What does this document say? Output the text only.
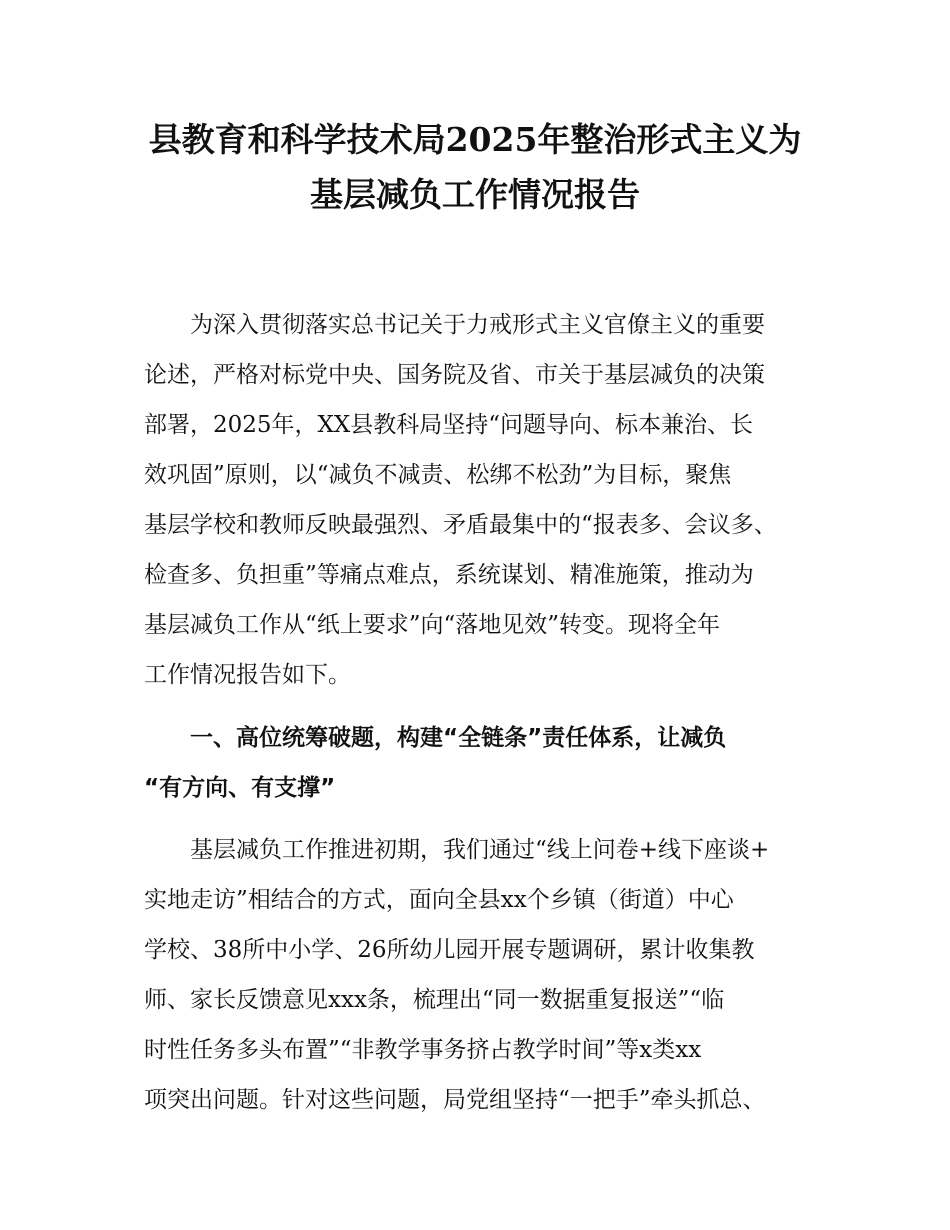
县教育和科学技术局2025年整治形式主义为
基层减负工作情况报告
为深入贯彻落实总书记关于力戒形式主义官僚主义的重要
论述，严格对标党中央、国务院及省、市关于基层减负的决策
部署，2025年，XX县教科局坚持“问题导向、标本兼治、长
效巩固”原则，以“减负不减责、松绑不松劲”为目标，聚焦
基层学校和教师反映最强烈、矛盾最集中的“报表多、会议多、
检查多、负担重”等痛点难点，系统谋划、精准施策，推动为
基层减负工作从“纸上要求”向“落地见效”转变。现将全年
工作情况报告如下。
一、高位统筹破题，构建“全链条”责任体系，让减负
“有方向、有支撑”
基层减负工作推进初期，我们通过“线上问卷+线下座谈+
实地走访”相结合的方式，面向全县xx个乡镇（街道）中心
学校、38所中小学、26所幼儿园开展专题调研，累计收集教
师、家长反馈意见xxx条，梳理出“同一数据重复报送”“临
时性任务多头布置”“非教学事务挤占教学时间”等x类xx
项突出问题。针对这些问题，局党组坚持“一把手”牵头抓总、
